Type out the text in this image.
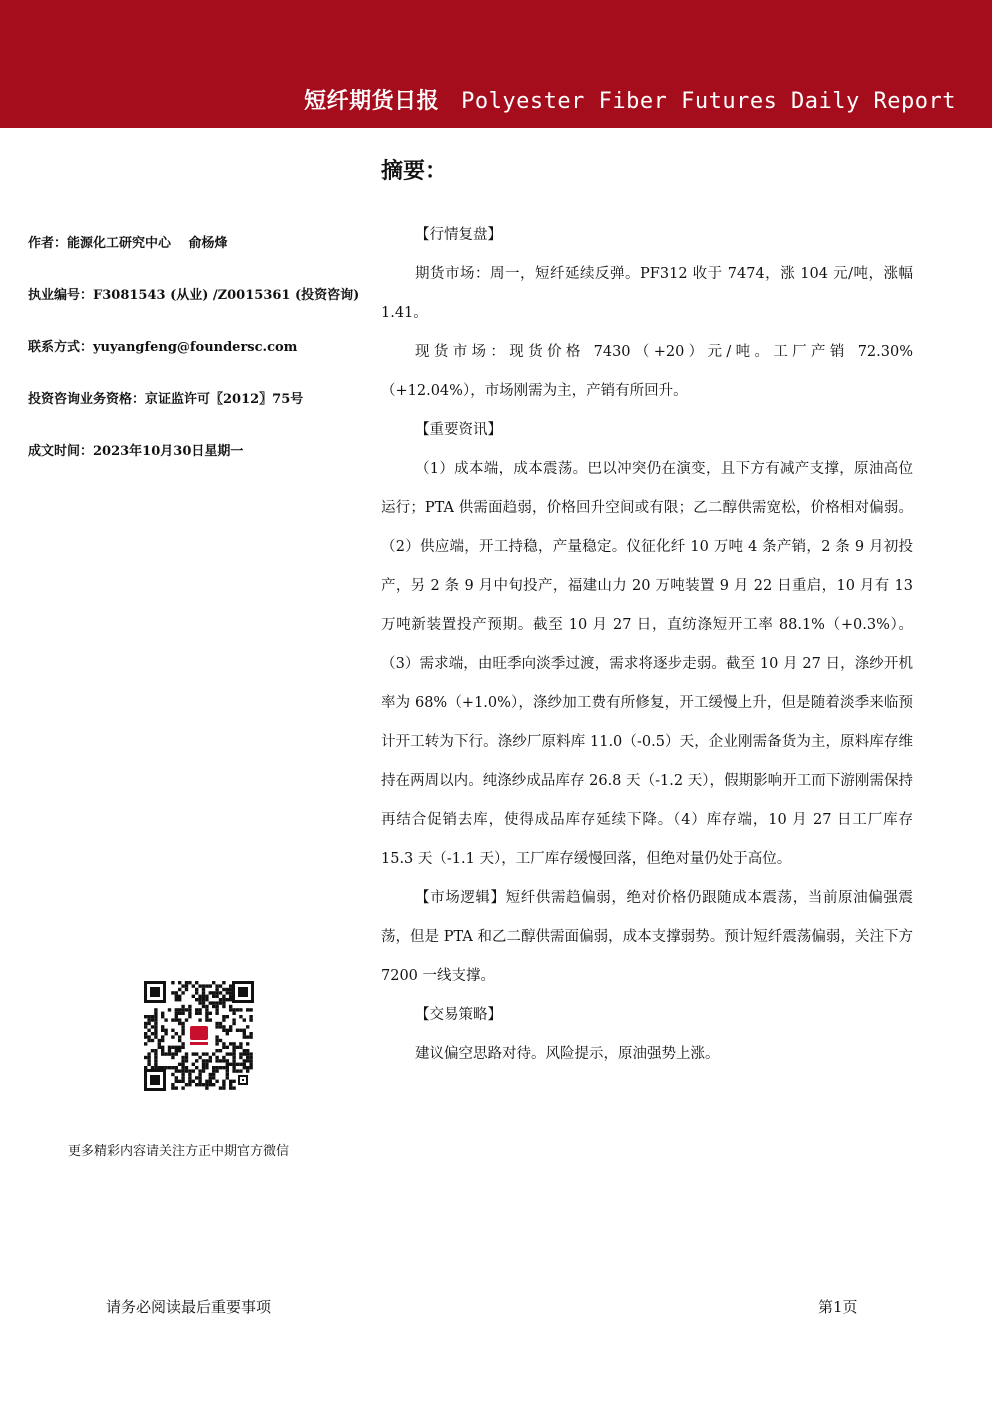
短纤期货日报 Polyester Fiber Futures Daily Report
摘要：
作者：能源化工研究中心　 俞杨烽
执业编号：F3081543 (从业) /Z0015361 (投资咨询)
联系方式：yuyangfeng@foundersc.com
投资咨询业务资格：京证监许可〖2012〗75号
成文时间：2023年10月30日星期一
【行情复盘】
期货市场：周一，短纤延续反弹。PF312 收于 7474，涨 104 元/吨，涨幅 1.41。
现货市场：现货价格 7430（+20）元/吨。工厂产销 72.30%（+12.04%），市场刚需为主，产销有所回升。
【重要资讯】
（1）成本端，成本震荡。巴以冲突仍在演变，且下方有减产支撑，原油高位运行；PTA 供需面趋弱，价格回升空间或有限；乙二醇供需宽松，价格相对偏弱。（2）供应端，开工持稳，产量稳定。仪征化纤 10 万吨 4 条产销，2 条 9 月初投产，另 2 条 9 月中旬投产，福建山力 20 万吨装置 9 月 22 日重启，10 月有 13 万吨新装置投产预期。截至 10 月 27 日，直纺涤短开工率 88.1%（+0.3%）。（3）需求端，由旺季向淡季过渡，需求将逐步走弱。截至 10 月 27 日，涤纱开机率为 68%（+1.0%），涤纱加工费有所修复，开工缓慢上升，但是随着淡季来临预计开工转为下行。涤纱厂原料库 11.0（-0.5）天，企业刚需备货为主，原料库存维持在两周以内。纯涤纱成品库存 26.8 天（-1.2 天），假期影响开工而下游刚需保持再结合促销去库，使得成品库存延续下降。（4）库存端，10 月 27 日工厂库存 15.3 天（-1.1 天），工厂库存缓慢回落，但绝对量仍处于高位。
【市场逻辑】短纤供需趋偏弱，绝对价格仍跟随成本震荡，当前原油偏强震荡，但是 PTA 和乙二醇供需面偏弱，成本支撑弱势。预计短纤震荡偏弱，关注下方 7200 一线支撑。
【交易策略】
建议偏空思路对待。风险提示，原油强势上涨。
更多精彩内容请关注方正中期官方微信
请务必阅读最后重要事项	第1页
